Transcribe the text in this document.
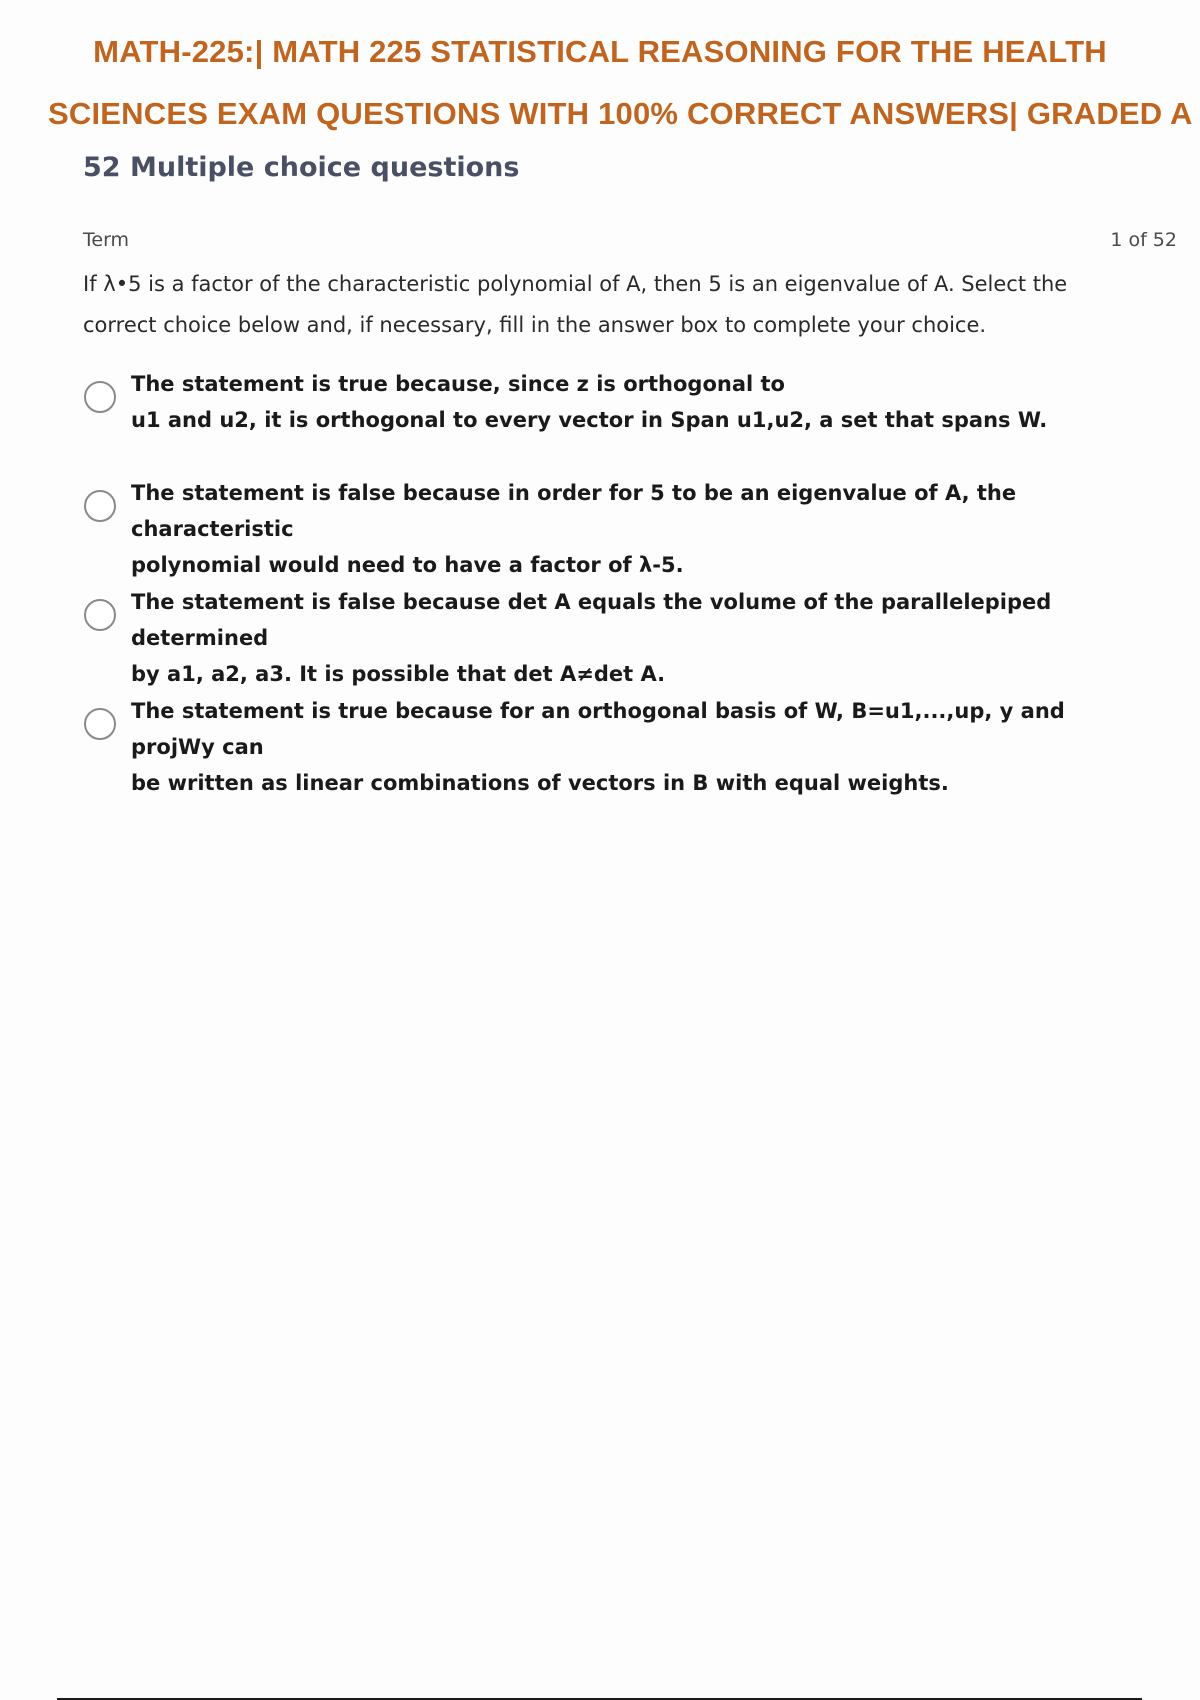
MATH-225:| MATH 225 STATISTICAL REASONING FOR THE HEALTH
SCIENCES EXAM QUESTIONS WITH 100% CORRECT ANSWERS| GRADED A
52 Multiple choice questions
Term	1 of 52

If λ•5 is a factor of the characteristic polynomial of A, then 5 is an eigenvalue of A. Select the correct choice below and, if necessary, fill in the answer box to complete your choice.

The statement is true because, since z is orthogonal to
u1 and u2, it is orthogonal to every vector in Span u1,u2, a set that spans W.
The statement is false because in order for 5 to be an eigenvalue of A, the characteristic
polynomial would need to have a factor of λ-5.
The statement is false because det A equals the volume of the parallelepiped determined
by a1, a2, a3. It is possible that det A≠det A.
The statement is true because for an orthogonal basis of W, B=u1,...,up, y and projWy can
be written as linear combinations of vectors in B with equal weights.
